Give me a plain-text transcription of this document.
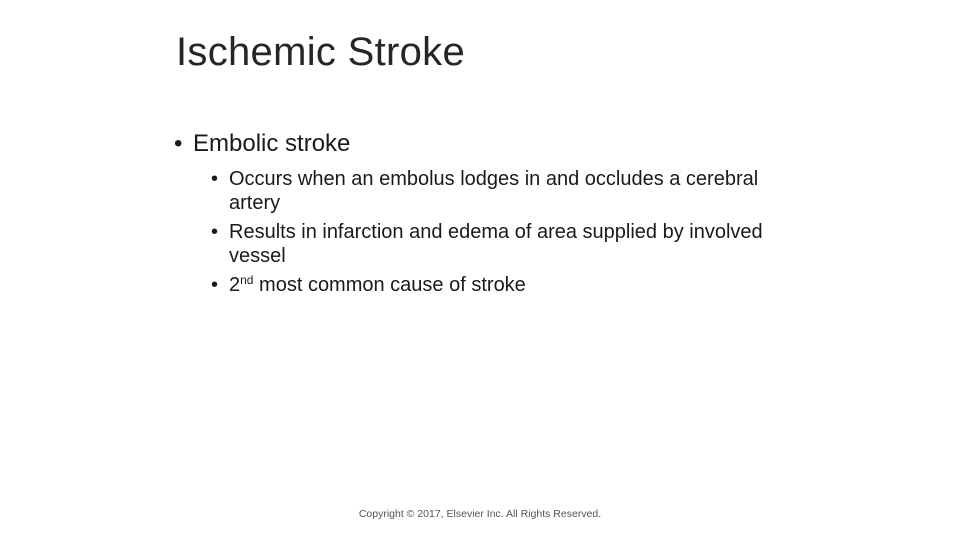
Ischemic Stroke
• Embolic stroke
• Occurs when an embolus lodges in and occludes a cerebral artery
• Results in infarction and edema of area supplied by involved vessel
• 2nd most common cause of stroke
Copyright © 2017, Elsevier Inc. All Rights Reserved.
